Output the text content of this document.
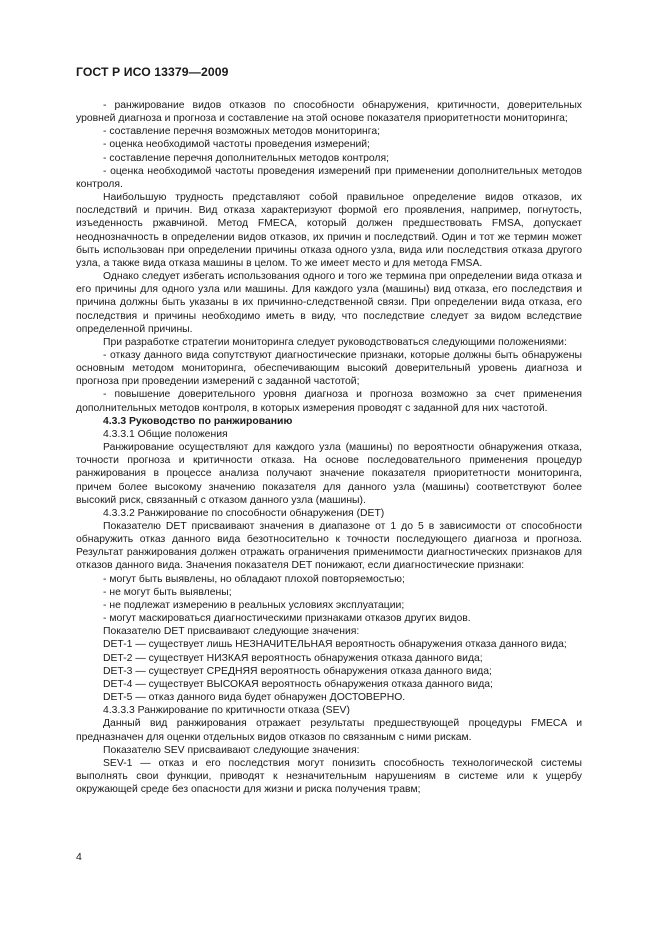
ГОСТ Р ИСО 13379—2009

- ранжирование видов отказов по способности обнаружения, критичности, доверительных уровней диагноза и прогноза и составление на этой основе показателя приоритетности мониторинга;

- составление перечня возможных методов мониторинга;

- оценка необходимой частоты проведения измерений;

- составление перечня дополнительных методов контроля;

- оценка необходимой частоты проведения измерений при применении дополнительных методов контроля.

Наибольшую трудность представляют собой правильное определение видов отказов, их последствий и причин. Вид отказа характеризуют формой его проявления, например, погнутость, изъеденность ржавчиной. Метод FMECA, который должен предшествовать FMSA, допускает неоднозначность в определении видов отказов, их причин и последствий. Один и тот же термин может быть использован при определении причины отказа одного узла, вида или последствия отказа другого узла, а также вида отказа машины в целом. То же имеет место и для метода FMSA.

Однако следует избегать использования одного и того же термина при определении вида отказа и его причины для одного узла или машины. Для каждого узла (машины) вид отказа, его последствия и причина должны быть указаны в их причинно-следственной связи. При определении вида отказа, его последствия и причины необходимо иметь в виду, что последствие следует за видом вследствие определенной причины.

При разработке стратегии мониторинга следует руководствоваться следующими положениями:

- отказу данного вида сопутствуют диагностические признаки, которые должны быть обнаружены основным методом мониторинга, обеспечивающим высокий доверительный уровень диагноза и прогноза при проведении измерений с заданной частотой;

- повышение доверительного уровня диагноза и прогноза возможно за счет применения дополнительных методов контроля, в которых измерения проводят с заданной для них частотой.

4.3.3 Руководство по ранжированию

4.3.3.1 Общие положения

Ранжирование осуществляют для каждого узла (машины) по вероятности обнаружения отказа, точности прогноза и критичности отказа. На основе последовательного применения процедур ранжирования в процессе анализа получают значение показателя приоритетности мониторинга, причем более высокому значению показателя для данного узла (машины) соответствуют более высокий риск, связанный с отказом данного узла (машины).

4.3.3.2 Ранжирование по способности обнаружения (DET)

Показателю DET присваивают значения в диапазоне от 1 до 5 в зависимости от способности обнаружить отказ данного вида безотносительно к точности последующего диагноза и прогноза. Результат ранжирования должен отражать ограничения применимости диагностических признаков для отказов данного вида. Значения показателя DET понижают, если диагностические признаки:

- могут быть выявлены, но обладают плохой повторяемостью;

- не могут быть выявлены;

- не подлежат измерению в реальных условиях эксплуатации;

- могут маскироваться диагностическими признаками отказов других видов.

Показателю DET присваивают следующие значения:

DET-1 — существует лишь НЕЗНАЧИТЕЛЬНАЯ вероятность обнаружения отказа данного вида;

DET-2 — существует НИЗКАЯ вероятность обнаружения отказа данного вида;

DET-3 — существует СРЕДНЯЯ вероятность обнаружения отказа данного вида;

DET-4 — существует ВЫСОКАЯ вероятность обнаружения отказа данного вида;

DET-5 — отказ данного вида будет обнаружен ДОСТОВЕРНО.

4.3.3.3 Ранжирование по критичности отказа (SEV)

Данный вид ранжирования отражает результаты предшествующей процедуры FMECA и предназначен для оценки отдельных видов отказов по связанным с ними рискам.

Показателю SEV присваивают следующие значения:

SEV-1 — отказ и его последствия могут понизить способность технологической системы выполнять свои функции, приводят к незначительным нарушениям в системе или к ущербу окружающей среде без опасности для жизни и риска получения травм;

4
